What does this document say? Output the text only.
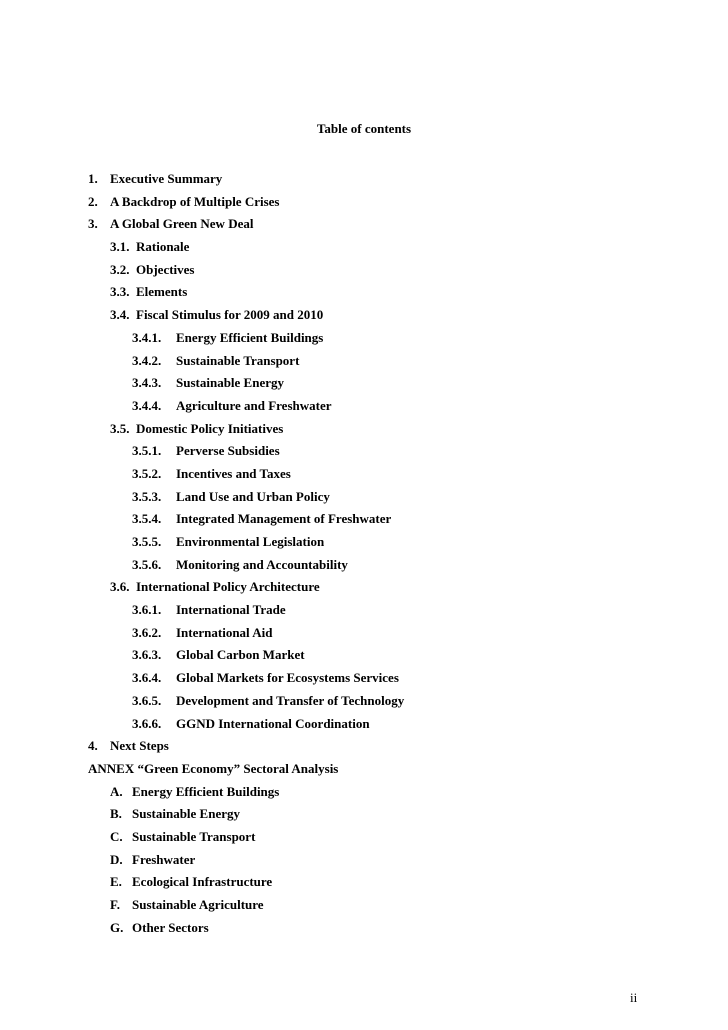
Table of contents
1. Executive Summary
2. A Backdrop of Multiple Crises
3. A Global Green New Deal
3.1. Rationale
3.2. Objectives
3.3. Elements
3.4. Fiscal Stimulus for 2009 and 2010
3.4.1.	Energy Efficient Buildings
3.4.2.	Sustainable Transport
3.4.3.	Sustainable Energy
3.4.4.	Agriculture and Freshwater
3.5. Domestic Policy Initiatives
3.5.1.	Perverse Subsidies
3.5.2.	Incentives and Taxes
3.5.3.	Land Use and Urban Policy
3.5.4.	Integrated Management of Freshwater
3.5.5.	Environmental Legislation
3.5.6.	Monitoring and Accountability
3.6. International Policy Architecture
3.6.1.	International Trade
3.6.2.	International Aid
3.6.3.	Global Carbon Market
3.6.4.	Global Markets for Ecosystems Services
3.6.5.	Development and Transfer of Technology
3.6.6.	GGND International Coordination
4. Next Steps
ANNEX “Green Economy” Sectoral Analysis
A. Energy Efficient Buildings
B. Sustainable Energy
C. Sustainable Transport
D. Freshwater
E. Ecological Infrastructure
F. Sustainable Agriculture
G. Other Sectors
ii
